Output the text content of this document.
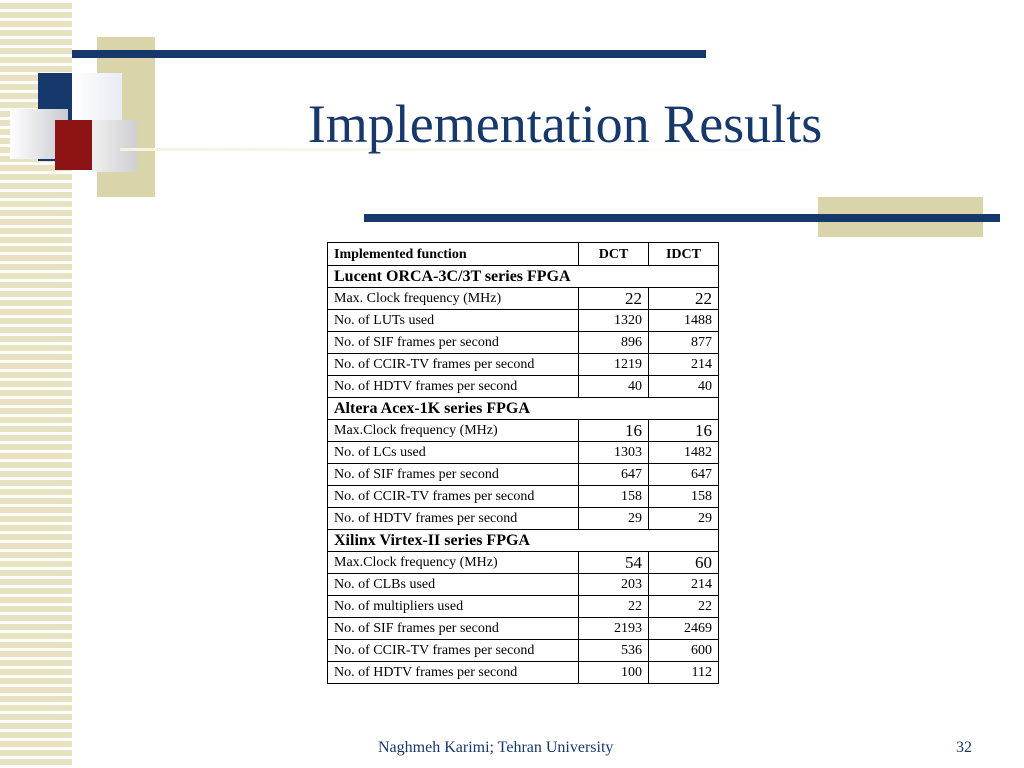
Implementation Results
Implemented function	DCT	IDCT
Lucent ORCA-3C/3T series FPGA		
Max. Clock frequency (MHz)	22	22
No. of LUTs used	1320	1488
No. of SIF frames per second	896	877
No. of CCIR-TV frames per second	1219	214
No. of HDTV frames per second	40	40
Altera Acex-1K series FPGA		
Max.Clock frequency (MHz)	16	16
No. of LCs used	1303	1482
No. of SIF frames per second	647	647
No. of CCIR-TV frames per second	158	158
No. of HDTV frames per second	29	29
Xilinx Virtex-II series FPGA		
Max.Clock frequency (MHz)	54	60
No. of CLBs used	203	214
No. of multipliers used	22	22
No. of SIF frames per second	2193	2469
No. of CCIR-TV frames per second	536	600
No. of HDTV frames per second	100	112
Naghmeh Karimi; Tehran University	32
